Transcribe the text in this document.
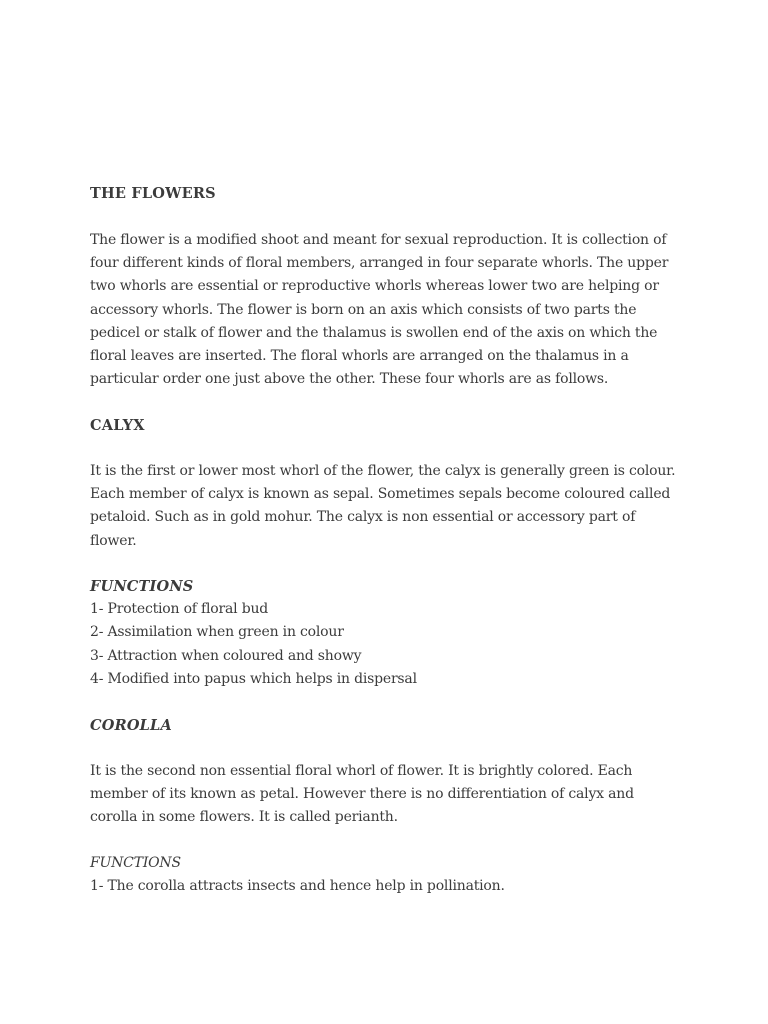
THE FLOWERS
The flower is a modified shoot and meant for sexual reproduction. It is collection of
four different kinds of floral members, arranged in four separate whorls. The upper
two whorls are essential or reproductive whorls whereas lower two are helping or
accessory whorls. The flower is born on an axis which consists of two parts the
pedicel or stalk of flower and the thalamus is swollen end of the axis on which the
floral leaves are inserted. The floral whorls are arranged on the thalamus in a
particular order one just above the other. These four whorls are as follows.
CALYX
It is the first or lower most whorl of the flower, the calyx is generally green is colour.
Each member of calyx is known as sepal. Sometimes sepals become coloured called
petaloid. Such as in gold mohur. The calyx is non essential or accessory part of
flower.
FUNCTIONS
1- Protection of floral bud
2- Assimilation when green in colour
3- Attraction when coloured and showy
4- Modified into papus which helps in dispersal
COROLLA
It is the second non essential floral whorl of flower. It is brightly colored. Each
member of its known as petal. However there is no differentiation of calyx and
corolla in some flowers. It is called perianth.
FUNCTIONS
1- The corolla attracts insects and hence help in pollination.
